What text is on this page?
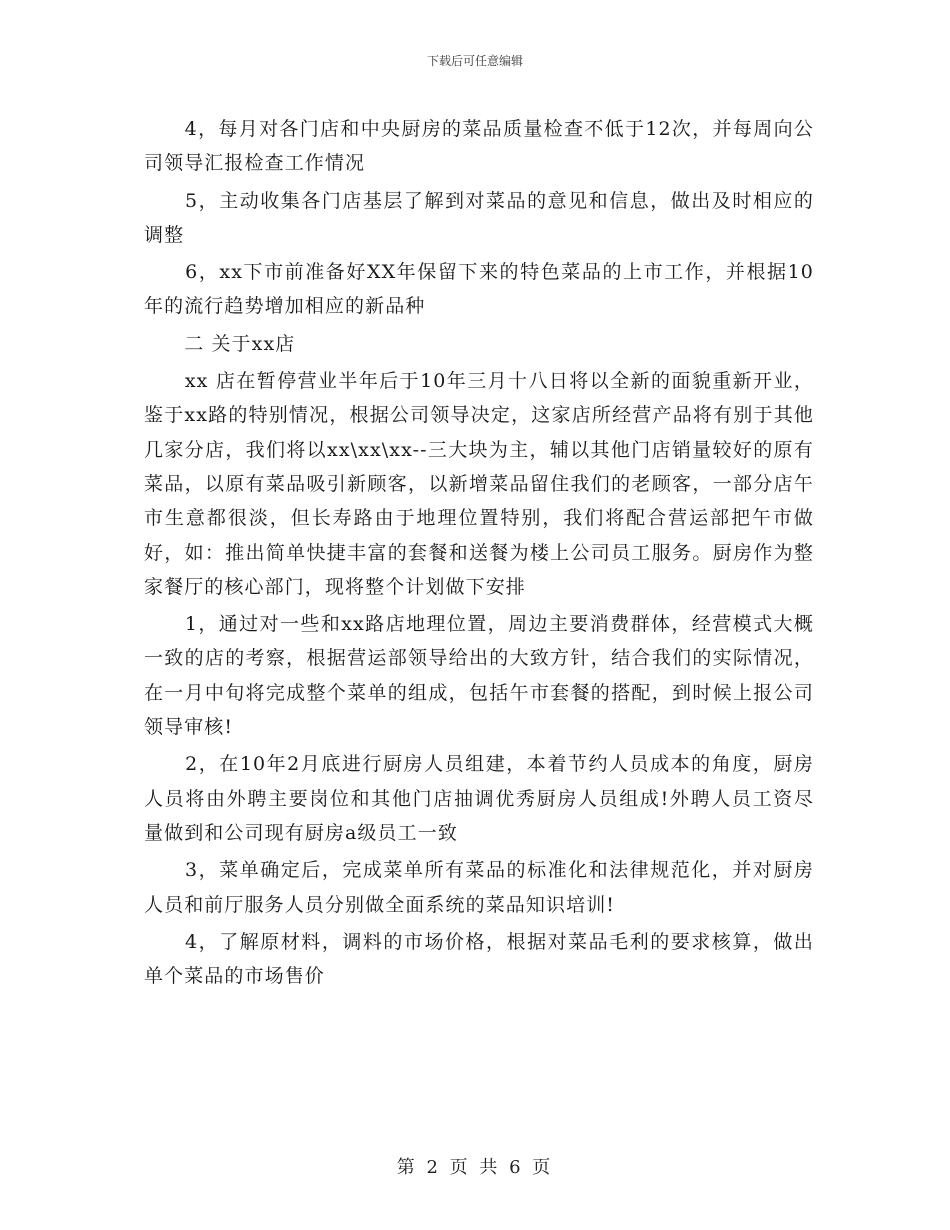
下载后可任意编辑

　　4，每月对各门店和中央厨房的菜品质量检查不低于12次，并每周向公司领导汇报检查工作情况

　　5，主动收集各门店基层了解到对菜品的意见和信息，做出及时相应的调整

　　6，xx下市前准备好XX年保留下来的特色菜品的上市工作，并根据10年的流行趋势增加相应的新品种

　　二 关于xx店

　　xx 店在暂停营业半年后于10年三月十八日将以全新的面貌重新开业，鉴于xx路的特别情况，根据公司领导决定，这家店所经营产品将有别于其他几家分店，我们将以xx\xx\xx--三大块为主，辅以其他门店销量较好的原有菜品，以原有菜品吸引新顾客，以新增菜品留住我们的老顾客，一部分店午市生意都很淡，但长寿路由于地理位置特别，我们将配合营运部把午市做好，如：推出简单快捷丰富的套餐和送餐为楼上公司员工服务。厨房作为整家餐厅的核心部门，现将整个计划做下安排

　　1，通过对一些和xx路店地理位置，周边主要消费群体，经营模式大概一致的店的考察，根据营运部领导给出的大致方针，结合我们的实际情况，在一月中旬将完成整个菜单的组成，包括午市套餐的搭配，到时候上报公司领导审核!

　　2，在10年2月底进行厨房人员组建，本着节约人员成本的角度，厨房人员将由外聘主要岗位和其他门店抽调优秀厨房人员组成!外聘人员工资尽量做到和公司现有厨房a级员工一致

　　3，菜单确定后，完成菜单所有菜品的标准化和法律规范化，并对厨房人员和前厅服务人员分别做全面系统的菜品知识培训!

　　4，了解原材料，调料的市场价格，根据对菜品毛利的要求核算，做出单个菜品的市场售价

第 2 页 共 6 页
